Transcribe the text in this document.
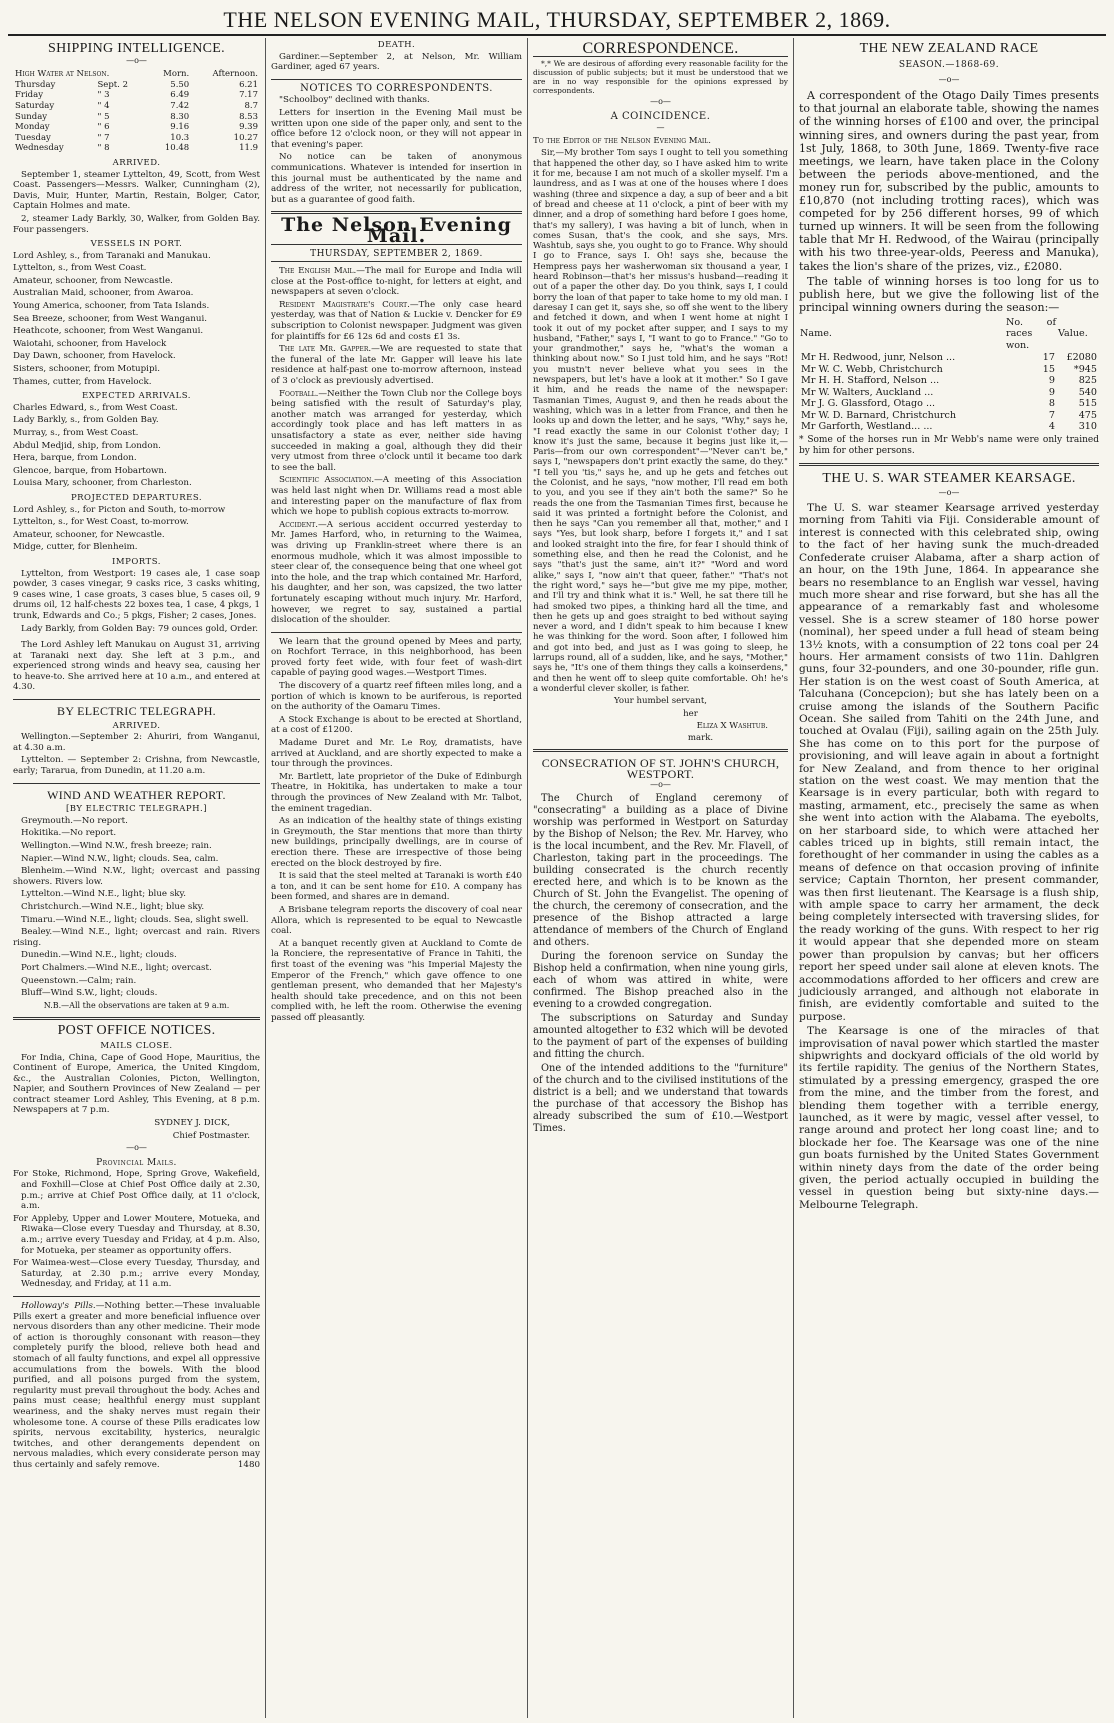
THE NELSON EVENING MAIL, THURSDAY, SEPTEMBER 2, 1869.
SHIPPING INTELLIGENCE.
—o—
High Water at Nelson.		Morn.	Afternoon.
Thursday	Sept. 2	5.50	6.21
Friday	" 3	6.49	7.17
Saturday	" 4	7.42	8.7
Sunday	" 5	8.30	8.53
Monday	" 6	9.16	9.39
Tuesday	" 7	10.3	10.27
Wednesday	" 8	10.48	11.9
ARRIVED.

September 1, steamer Lyttelton, 49, Scott, from West Coast. Passengers—Messrs. Walker, Cunningham (2), Davis, Muir, Hunter, Martin, Restain, Bolger, Cator, Captain Holmes and mate.

2, steamer Lady Barkly, 30, Walker, from Golden Bay. Four passengers.

VESSELS IN PORT.

Lord Ashley, s., from Taranaki and Manukau.

Lyttelton, s., from West Coast.

Amateur, schooner, from Newcastle.

Australian Maid, schooner, from Awaroa.

Young America, schooner, from Tata Islands.

Sea Breeze, schooner, from West Wanganui.

Heathcote, schooner, from West Wanganui.

Waiotahi, schooner, from Havelock

Day Dawn, schooner, from Havelock.

Sisters, schooner, from Motupipi.

Thames, cutter, from Havelock.

EXPECTED ARRIVALS.

Charles Edward, s., from West Coast.

Lady Barkly, s., from Golden Bay.

Murray, s., from West Coast.

Abdul Medjid, ship, from London.

Hera, barque, from London.

Glencoe, barque, from Hobartown.

Louisa Mary, schooner, from Charleston.

PROJECTED DEPARTURES.

Lord Ashley, s., for Picton and South, to-morrow

Lyttelton, s., for West Coast, to-morrow.

Amateur, schooner, for Newcastle.

Midge, cutter, for Blenheim.

IMPORTS.

Lyttelton, from Westport: 19 cases ale, 1 case soap powder, 3 cases vinegar, 9 casks rice, 3 casks whiting, 9 cases wine, 1 case groats, 3 cases blue, 5 cases oil, 9 drums oil, 12 half-chests 22 boxes tea, 1 case, 4 pkgs, 1 trunk, Edwards and Co.; 5 pkgs, Fisher; 2 cases, Jones.

Lady Barkly, from Golden Bay: 79 ounces gold, Order.

The Lord Ashley left Manukau on August 31, arriving at Taranaki next day. She left at 3 p.m., and experienced strong winds and heavy sea, causing her to heave-to. She arrived here at 10 a.m., and entered at 4.30.

BY ELECTRIC TELEGRAPH.
ARRIVED.

Wellington.—September 2: Ahuriri, from Wanganui, at 4.30 a.m.

Lyttelton. — September 2: Crishna, from Newcastle, early; Tararua, from Dunedin, at 11.20 a.m.

WIND AND WEATHER REPORT.
[BY ELECTRIC TELEGRAPH.]

Greymouth.—No report.

Hokitika.—No report.

Wellington.—Wind N.W., fresh breeze; rain.

Napier.—Wind N.W., light; clouds. Sea, calm.

Blenheim.—Wind N.W., light; overcast and passing showers. Rivers low.

Lyttelton.—Wind N.E., light; blue sky.

Christchurch.—Wind N.E., light; blue sky.

Timaru.—Wind N.E., light; clouds. Sea, slight swell.

Bealey.—Wind N.E., light; overcast and rain. Rivers rising.

Dunedin.—Wind N.E., light; clouds.

Port Chalmers.—Wind N.E., light; overcast.

Queenstown.—Calm; rain.

Bluff—Wind S.W., light; clouds.

N.B.—All the observations are taken at 9 a.m.

POST OFFICE NOTICES.
MAILS CLOSE.

For India, China, Cape of Good Hope, Mauritius, the Continent of Europe, America, the United Kingdom, &c., the Australian Colonies, Picton, Wellington, Napier, and Southern Provinces of New Zealand — per contract steamer Lord Ashley, This Evening, at 8 p.m. Newspapers at 7 p.m.

SYDNEY J. DICK,

Chief Postmaster.

—o—
Provincial Mails.

For Stoke, Richmond, Hope, Spring Grove, Wakefield, and Foxhill—Close at Chief Post Office daily at 2.30, p.m.; arrive at Chief Post Office daily, at 11 o'clock, a.m.

For Appleby, Upper and Lower Moutere, Motueka, and Riwaka—Close every Tuesday and Thursday, at 8.30, a.m.; arrive every Tuesday and Friday, at 4 p.m. Also, for Motueka, per steamer as opportunity offers.

For Waimea-west—Close every Tuesday, Thursday, and Saturday, at 2.30 p.m.; arrive every Monday, Wednesday, and Friday, at 11 a.m.

Holloway's Pills.—Nothing better.—These invaluable Pills exert a greater and more beneficial influence over nervous disorders than any other medicine. Their mode of action is thoroughly consonant with reason—they completely purify the blood, relieve both head and stomach of all faulty functions, and expel all oppressive accumulations from the bowels. With the blood purified, and all poisons purged from the system, regularity must prevail throughout the body. Aches and pains must cease; healthful energy must supplant weariness, and the shaky nerves must regain their wholesome tone. A course of these Pills eradicates low spirits, nervous excitability, hysterics, neuralgic twitches, and other derangements dependent on nervous maladies, which every considerate person may thus certainly and safely remove.	1480

DEATH.

Gardiner.—September 2, at Nelson, Mr. William Gardiner, aged 67 years.

NOTICES TO CORRESPONDENTS.

"Schoolboy" declined with thanks.

Letters for insertion in the Evening Mail must be written upon one side of the paper only, and sent to the office before 12 o'clock noon, or they will not appear in that evening's paper.

No notice can be taken of anonymous communications. Whatever is intended for insertion in this journal must be authenticated by the name and address of the writer, not necessarily for publication, but as a guarantee of good faith.

The Nelson Evening Mail.
THURSDAY, SEPTEMBER 2, 1869.

The English Mail.—The mail for Europe and India will close at the Post-office to-night, for letters at eight, and newspapers at seven o'clock.

Resident Magistrate's Court.—The only case heard yesterday, was that of Nation & Luckie v. Dencker for £9 subscription to Colonist newspaper. Judgment was given for plaintiffs for £6 12s 6d and costs £1 3s.

The late Mr. Gapper.—We are requested to state that the funeral of the late Mr. Gapper will leave his late residence at half-past one to-morrow afternoon, instead of 3 o'clock as previously advertised.

Football.—Neither the Town Club nor the College boys being satisfied with the result of Saturday's play, another match was arranged for yesterday, which accordingly took place and has left matters in as unsatisfactory a state as ever, neither side having succeeded in making a goal, although they did their very utmost from three o'clock until it became too dark to see the ball.

Scientific Association.—A meeting of this Association was held last night when Dr. Williams read a most able and interesting paper on the manufacture of flax from which we hope to publish copious extracts to-morrow.

Accident.—A serious accident occurred yesterday to Mr. James Harford, who, in returning to the Waimea, was driving up Franklin-street where there is an enormous mudhole, which it was almost impossible to steer clear of, the consequence being that one wheel got into the hole, and the trap which contained Mr. Harford, his daughter, and her son, was capsized, the two latter fortunately escaping without much injury. Mr. Harford, however, we regret to say, sustained a partial dislocation of the shoulder.

We learn that the ground opened by Mees and party, on Rochfort Terrace, in this neighborhood, has been proved forty feet wide, with four feet of wash-dirt capable of paying good wages.—Westport Times.

The discovery of a quartz reef fifteen miles long, and a portion of which is known to be auriferous, is reported on the authority of the Oamaru Times.

A Stock Exchange is about to be erected at Shortland, at a cost of £1200.

Madame Duret and Mr. Le Roy, dramatists, have arrived at Auckland, and are shortly expected to make a tour through the provinces.

Mr. Bartlett, late proprietor of the Duke of Edinburgh Theatre, in Hokitika, has undertaken to make a tour through the provinces of New Zealand with Mr. Talbot, the eminent tragedian.

As an indication of the healthy state of things existing in Greymouth, the Star mentions that more than thirty new buildings, principally dwellings, are in course of erection there. These are irrespective of those being erected on the block destroyed by fire.

It is said that the steel melted at Taranaki is worth £40 a ton, and it can be sent home for £10. A company has been formed, and shares are in demand.

A Brisbane telegram reports the discovery of coal near Allora, which is represented to be equal to Newcastle coal.

At a banquet recently given at Auckland to Comte de la Ronciere, the representative of France in Tahiti, the first toast of the evening was "his Imperial Majesty the Emperor of the French," which gave offence to one gentleman present, who demanded that her Majesty's health should take precedence, and on this not been complied with, he left the room. Otherwise the evening passed off pleasantly.

CORRESPONDENCE.

*,* We are desirous of affording every reasonable facility for the discussion of public subjects; but it must be understood that we are in no way responsible for the opinions expressed by correspondents.

—o—
A COINCIDENCE.
—

To the Editor of the Nelson Evening Mail.

Sir,—My brother Tom says I ought to tell you something that happened the other day, so I have asked him to write it for me, because I am not much of a skoller myself. I'm a laundress, and as I was at one of the houses where I does washing (three and sixpence a day, a sup of beer and a bit of bread and cheese at 11 o'clock, a pint of beer with my dinner, and a drop of something hard before I goes home, that's my sallery), I was having a bit of lunch, when in comes Susan, that's the cook, and she says, Mrs. Washtub, says she, you ought to go to France. Why should I go to France, says I. Oh! says she, because the Hempress pays her washerwoman six thousand a year, I heard Robinson—that's her missus's husband—reading it out of a paper the other day. Do you think, says I, I could borry the loan of that paper to take home to my old man. I daresay I can get it, says she, so off she went to the libery and fetched it down, and when I went home at night I took it out of my pocket after supper, and I says to my husband, "Father," says I, "I want to go to France." "Go to your grandmother," says he, "what's the woman a thinking about now." So I just told him, and he says "Rot! you mustn't never believe what you sees in the newspapers, but let's have a look at it mother." So I gave it him, and he reads the name of the newspaper: Tasmanian Times, August 9, and then he reads about the washing, which was in a letter from France, and then he looks up and down the letter, and he says, "Why," says he, "I read exactly the same in our Colonist t'other day; I know it's just the same, because it begins just like it,—Paris—from our own correspondent"—"Never can't be," says I, "newspapers don't print exactly the same, do they." "I tell you 'tis," says he, and up he gets and fetches out the Colonist, and he says, "now mother, I'll read em both to you, and you see if they ain't both the same?" So he reads the one from the Tasmanian Times first, because he said it was printed a fortnight before the Colonist, and then he says "Can you remember all that, mother," and I says "Yes, but look sharp, before I forgets it," and I sat and looked straight into the fire, for fear I should think of something else, and then he read the Colonist, and he says "that's just the same, ain't it?" "Word and word alike," says I, "now ain't that queer, father." "That's not the right word," says he—"but give me my pipe, mother, and I'll try and think what it is." Well, he sat there till he had smoked two pipes, a thinking hard all the time, and then he gets up and goes straight to bed without saying never a word, and I didn't speak to him because I knew he was thinking for the word. Soon after, I followed him and got into bed, and just as I was going to sleep, he larrups round, all of a sudden, like, and he says, "Mother," says he, "It's one of them things they calls a koinserdens," and then he went off to sleep quite comfortable. Oh! he's a wonderful clever skoller, is father.

Your humbel servant,

her

Eliza X Washtub.

mark.

CONSECRATION OF ST. JOHN'S CHURCH, WESTPORT.
—o—

The Church of England ceremony of "consecrating" a building as a place of Divine worship was performed in Westport on Saturday by the Bishop of Nelson; the Rev. Mr. Harvey, who is the local incumbent, and the Rev. Mr. Flavell, of Charleston, taking part in the proceedings. The building consecrated is the church recently erected here, and which is to be known as the Church of St. John the Evangelist. The opening of the church, the ceremony of consecration, and the presence of the Bishop attracted a large attendance of members of the Church of England and others.

During the forenoon service on Sunday the Bishop held a confirmation, when nine young girls, each of whom was attired in white, were confirmed. The Bishop preached also in the evening to a crowded congregation.

The subscriptions on Saturday and Sunday amounted altogether to £32 which will be devoted to the payment of part of the expenses of building and fitting the church.

One of the intended additions to the "furniture" of the church and to the civilised institutions of the district is a bell; and we understand that towards the purchase of that accessory the Bishop has already subscribed the sum of £10.—Westport Times.

THE NEW ZEALAND RACE
SEASON.—1868-69.
—o—

A correspondent of the Otago Daily Times presents to that journal an elaborate table, showing the names of the winning horses of £100 and over, the principal winning sires, and owners during the past year, from 1st July, 1868, to 30th June, 1869. Twenty-five race meetings, we learn, have taken place in the Colony between the periods above-mentioned, and the money run for, subscribed by the public, amounts to £10,870 (not including trotting races), which was competed for by 256 different horses, 99 of which turned up winners. It will be seen from the following table that Mr H. Redwood, of the Wairau (principally with his two three-year-olds, Peeress and Manuka), takes the lion's share of the prizes, viz., £2080.

The table of winning horses is too long for us to publish here, but we give the following list of the principal winning owners during the season:—

Name.	No. of races won.	Value.
Mr H. Redwood, junr, Nelson ...	17	£2080
Mr W. C. Webb, Christchurch	15	*945
Mr H. H. Stafford, Nelson ...	9	825
Mr W. Walters, Auckland ...	9	540
Mr J. G. Glassford, Otago ...	8	515
Mr W. D. Barnard, Christchurch	7	475
Mr Garforth, Westland... ...	4	310

* Some of the horses run in Mr Webb's name were only trained by him for other persons.

THE U. S. WAR STEAMER KEARSAGE.
—o—

The U. S. war steamer Kearsage arrived yesterday morning from Tahiti via Fiji. Considerable amount of interest is connected with this celebrated ship, owing to the fact of her having sunk the much-dreaded Confederate cruiser Alabama, after a sharp action of an hour, on the 19th June, 1864. In appearance she bears no resemblance to an English war vessel, having much more shear and rise forward, but she has all the appearance of a remarkably fast and wholesome vessel. She is a screw steamer of 180 horse power (nominal), her speed under a full head of steam being 13½ knots, with a consumption of 22 tons coal per 24 hours. Her armament consists of two 11in. Dahlgren guns, four 32-pounders, and one 30-pounder, rifle gun. Her station is on the west coast of South America, at Talcuhana (Concepcion); but she has lately been on a cruise among the islands of the Southern Pacific Ocean. She sailed from Tahiti on the 24th June, and touched at Ovalau (Fiji), sailing again on the 25th July. She has come on to this port for the purpose of provisioning, and will leave again in about a fortnight for New Zealand, and from thence to her original station on the west coast. We may mention that the Kearsage is in every particular, both with regard to masting, armament, etc., precisely the same as when she went into action with the Alabama. The eyebolts, on her starboard side, to which were attached her cables triced up in bights, still remain intact, the forethought of her commander in using the cables as a means of defence on that occasion proving of infinite service; Captain Thornton, her present commander, was then first lieutenant. The Kearsage is a flush ship, with ample space to carry her armament, the deck being completely intersected with traversing slides, for the ready working of the guns. With respect to her rig it would appear that she depended more on steam power than propulsion by canvas; but her officers report her speed under sail alone at eleven knots. The accommodations afforded to her officers and crew are judiciously arranged, and although not elaborate in finish, are evidently comfortable and suited to the purpose.

The Kearsage is one of the miracles of that improvisation of naval power which startled the master shipwrights and dockyard officials of the old world by its fertile rapidity. The genius of the Northern States, stimulated by a pressing emergency, grasped the ore from the mine, and the timber from the forest, and blending them together with a terrible energy, launched, as it were by magic, vessel after vessel, to range around and protect her long coast line; and to blockade her foe. The Kearsage was one of the nine gun boats furnished by the United States Government within ninety days from the date of the order being given, the period actually occupied in building the vessel in question being but sixty-nine days.—Melbourne Telegraph.
